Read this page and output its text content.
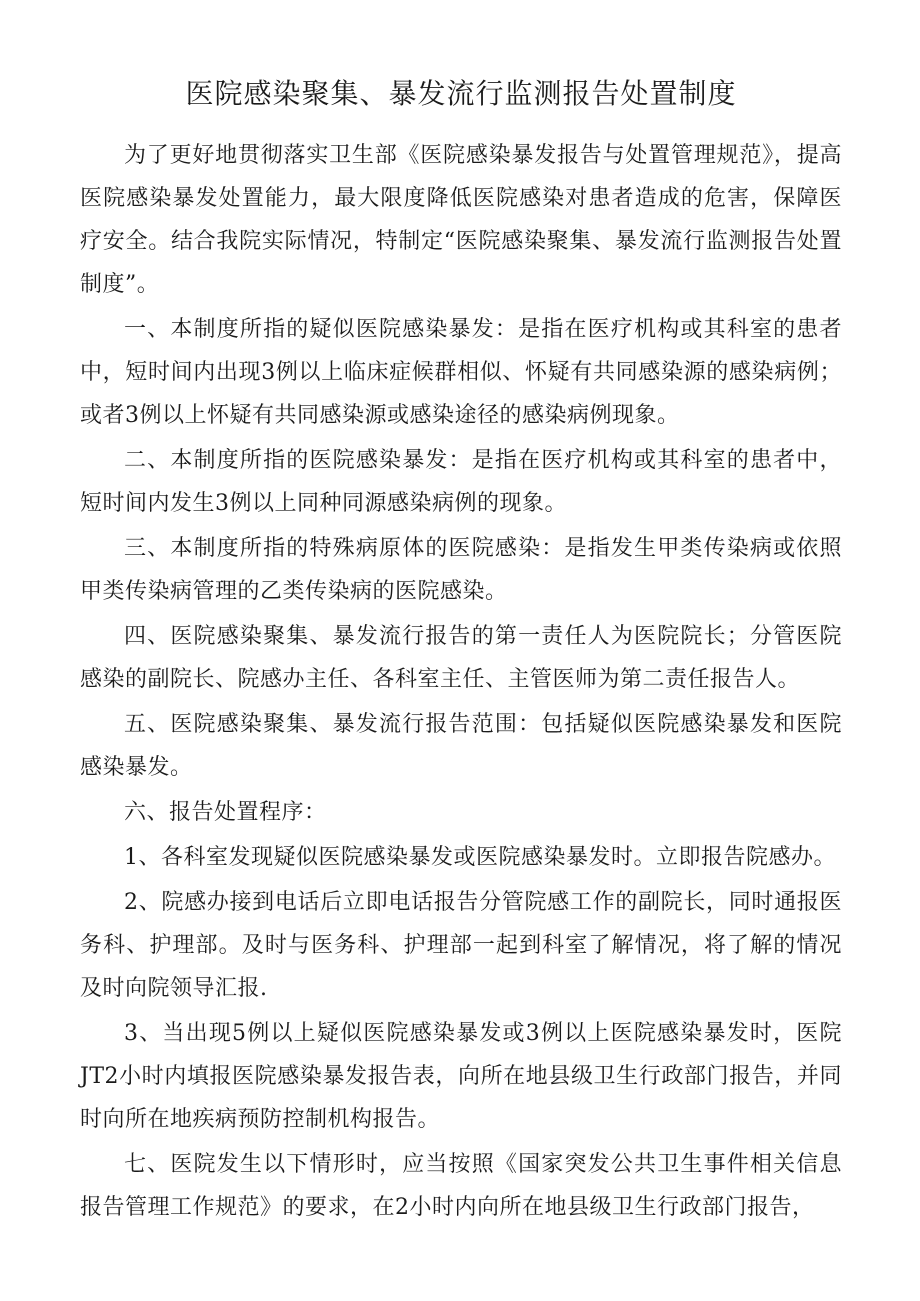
医院感染聚集、暴发流行监测报告处置制度

为了更好地贯彻落实卫生部《医院感染暴发报告与处置管理规范》，提高医院感染暴发处置能力，最大限度降低医院感染对患者造成的危害，保障医疗安全。结合我院实际情况，特制定“医院感染聚集、暴发流行监测报告处置制度”。

一、本制度所指的疑似医院感染暴发：是指在医疗机构或其科室的患者中，短时间内出现3例以上临床症候群相似、怀疑有共同感染源的感染病例；或者3例以上怀疑有共同感染源或感染途径的感染病例现象。

二、本制度所指的医院感染暴发：是指在医疗机构或其科室的患者中，短时间内发生3例以上同种同源感染病例的现象。

三、本制度所指的特殊病原体的医院感染：是指发生甲类传染病或依照甲类传染病管理的乙类传染病的医院感染。

四、医院感染聚集、暴发流行报告的第一责任人为医院院长；分管医院感染的副院长、院感办主任、各科室主任、主管医师为第二责任报告人。

五、医院感染聚集、暴发流行报告范围：包括疑似医院感染暴发和医院感染暴发。

六、报告处置程序：

1、各科室发现疑似医院感染暴发或医院感染暴发时。立即报告院感办。

2、院感办接到电话后立即电话报告分管院感工作的副院长，同时通报医务科、护理部。及时与医务科、护理部一起到科室了解情况，将了解的情况及时向院领导汇报.

3、当出现5例以上疑似医院感染暴发或3例以上医院感染暴发时，医院JT2小时内填报医院感染暴发报告表，向所在地县级卫生行政部门报告，并同时向所在地疾病预防控制机构报告。

七、医院发生以下情形时，应当按照《国家突发公共卫生事件相关信息报告管理工作规范》的要求，在2小时内向所在地县级卫生行政部门报告，
